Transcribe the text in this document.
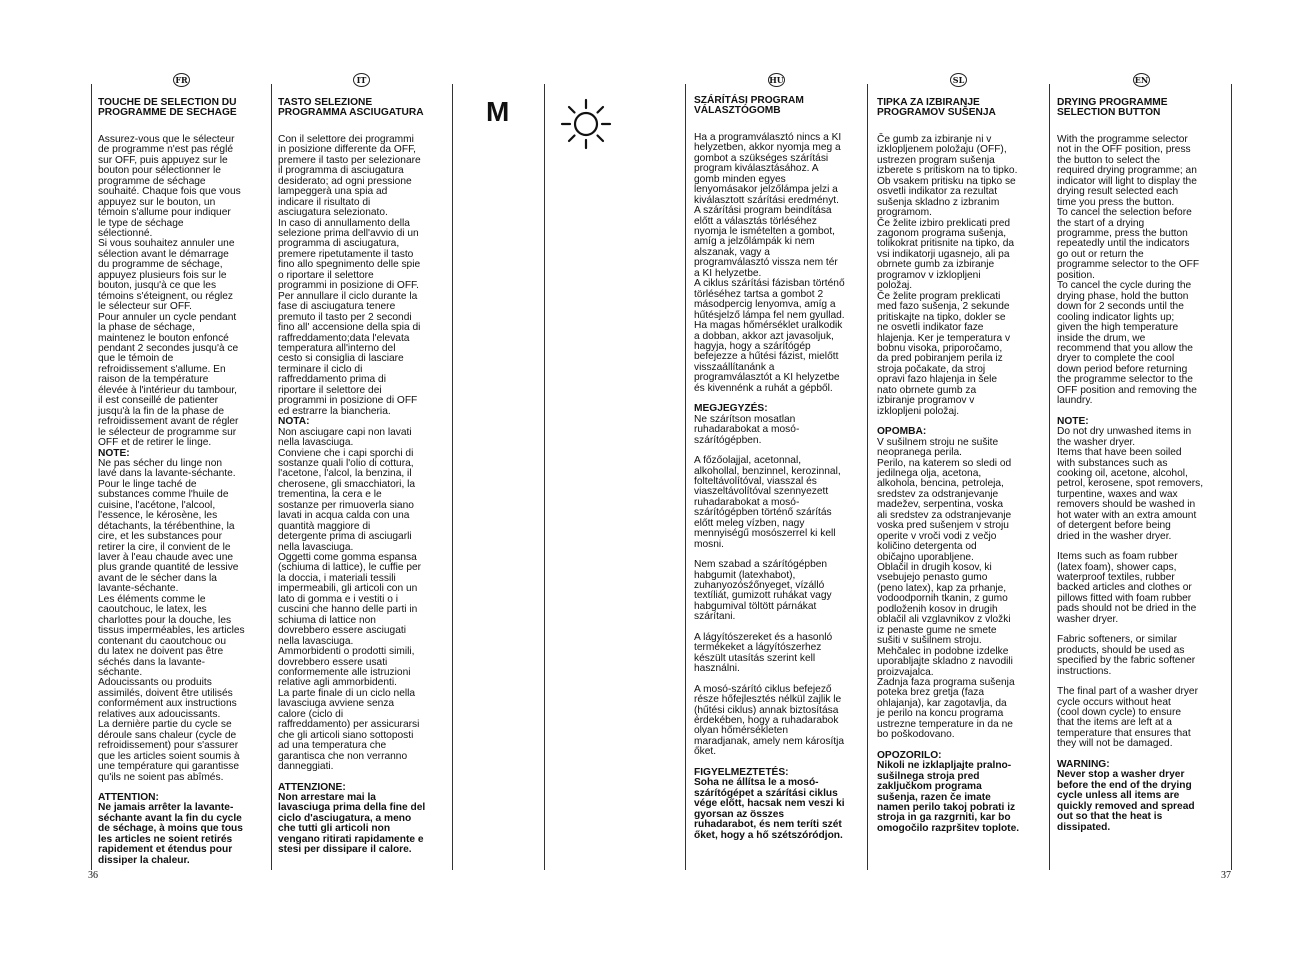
FR	IT	HU	SL	EN
M

TOUCHE DE SELECTION DU
PROGRAMME DE SECHAGE

Assurez-vous que le sélecteur
de programme n'est pas réglé
sur OFF, puis appuyez sur le
bouton pour sélectionner le
programme de séchage
souhaité. Chaque fois que vous
appuyez sur le bouton, un
témoin s'allume pour indiquer
le type de séchage
sélectionné.
Si vous souhaitez annuler une
sélection avant le démarrage
du programme de séchage,
appuyez plusieurs fois sur le
bouton, jusqu'à ce que les
témoins s'éteignent, ou réglez
le sélecteur sur OFF.
Pour annuler un cycle pendant
la phase de séchage,
maintenez le bouton enfoncé
pendant 2 secondes jusqu'à ce
que le témoin de
refroidissement s'allume. En
raison de la température
élevée à l'intérieur du tambour,
il est conseillé de patienter
jusqu'à la fin de la phase de
refroidissement avant de régler
le sélecteur de programme sur
OFF et de retirer le linge.

NOTE:

Ne pas sécher du linge non
lavé dans la lavante-séchante.
Pour le linge taché de
substances comme l'huile de
cuisine, l'acétone, l'alcool,
l'essence, le kérosène, les
détachants, la térébenthine, la
cire, et les substances pour
retirer la cire, il convient de le
laver à l'eau chaude avec une
plus grande quantité de lessive
avant de le sécher dans la
lavante-séchante.
Les éléments comme le
caoutchouc, le latex, les
charlottes pour la douche, les
tissus imperméables, les articles
contenant du caoutchouc ou
du latex ne doivent pas être
séchés dans la lavante-
séchante.
Adoucissants ou produits
assimilés, doivent être utilisés
conformément aux instructions
relatives aux adoucissants.
La dernière partie du cycle se
déroule sans chaleur (cycle de
refroidissement) pour s'assurer
que les articles soient soumis à
une température qui garantisse
qu'ils ne soient pas abîmés.

ATTENTION:

Ne jamais arrêter la lavante-
séchante avant la fin du cycle
de séchage, à moins que tous
les articles ne soient retirés
rapidement et étendus pour
dissiper la chaleur.

TASTO SELEZIONE
PROGRAMMA ASCIUGATURA

Con il selettore dei programmi
in posizione differente da OFF,
premere il tasto per selezionare
il programma di asciugatura
desiderato; ad ogni pressione
lampeggerà una spia ad
indicare il risultato di
asciugatura selezionato.
In caso di annullamento della
selezione prima dell'avvio di un
programma di asciugatura,
premere ripetutamente il tasto
fino allo spegnimento delle spie
o riportare il selettore
programmi in posizione di OFF.
Per annullare il ciclo durante la
fase di asciugatura tenere
premuto il tasto per 2 secondi
fino all' accensione della spia di
raffreddamento;data l'elevata
temperatura all'interno del
cesto si consiglia di lasciare
terminare il ciclo di
raffreddamento prima di
riportare il selettore dei
programmi in posizione di OFF
ed estrarre la biancheria.

NOTA:

Non asciugare capi non lavati
nella lavasciuga.
Conviene che i capi sporchi di
sostanze quali l'olio di cottura,
l'acetone, l'alcol, la benzina, il
cherosene, gli smacchiatori, la
trementina, la cera e le
sostanze per rimuoverla siano
lavati in acqua calda con una
quantità maggiore di
detergente prima di asciugarli
nella lavasciuga.
Oggetti come gomma espansa
(schiuma di lattice), le cuffie per
la doccia, i materiali tessili
impermeabili, gli articoli con un
lato di gomma e i vestiti o i
cuscini che hanno delle parti in
schiuma di lattice non
dovrebbero essere asciugati
nella lavasciuga.
Ammorbidenti o prodotti simili,
dovrebbero essere usati
conformemente alle istruzioni
relative agli ammorbidenti.
La parte finale di un ciclo nella
lavasciuga avviene senza
calore (ciclo di
raffreddamento) per assicurarsi
che gli articoli siano sottoposti
ad una temperatura che
garantisca che non verranno
danneggiati.

ATTENZIONE:

Non arrestare mai la
lavasciuga prima della fine del
ciclo d'asciugatura, a meno
che tutti gli articoli non
vengano ritirati rapidamente e
stesi per dissipare il calore.

SZÁRÍTÁSI PROGRAM
VÁLASZTÓGOMB

Ha a programválasztó nincs a KI
helyzetben, akkor nyomja meg a
gombot a szükséges szárítási
program kiválasztásához. A
gomb minden egyes
lenyomásakor jelzőlámpa jelzi a
kiválasztott szárítási eredményt.
A szárítási program beindítása
előtt a választás törléséhez
nyomja le ismételten a gombot,
amíg a jelzőlámpák ki nem
alszanak, vagy a
programválasztó vissza nem tér
a KI helyzetbe.
A ciklus szárítási fázisban történő
törléséhez tartsa a gombot 2
másodpercig lenyomva, amíg a
hűtésjelző lámpa fel nem gyullad.
Ha magas hőmérséklet uralkodik
a dobban, akkor azt javasoljuk,
hagyja, hogy a szárítógép
befejezze a hűtési fázist, mielőtt
visszaállítanánk a
programválasztót a KI helyzetbe
és kivennénk a ruhát a gépből.

MEGJEGYZÉS:

Ne szárítson mosatlan
ruhadarabokat a mosó-
szárítógépben.

A főzőolajjal, acetonnal,
alkohollal, benzinnel, kerozinnal,
folteltávolítóval, viasszal és
viaszeltávolítóval szennyezett
ruhadarabokat a mosó-
szárítógépben történő szárítás
előtt meleg vízben, nagy
mennyiségű mosószerrel ki kell
mosni.

Nem szabad a szárítógépben
habgumit (latexhabot),
zuhanyozósźőnyeget, vízálló
textíliát, gumizott ruhákat vagy
habgumival töltött párnákat
szárítani.

A lágyítószereket és a hasonló
termékeket a lágyítószerhez
készült utasítás szerint kell
használni.

A mosó-szárító ciklus befejező
része hőfejlesztés nélkül zajlik le
(hűtési ciklus) annak biztosítása
érdekében, hogy a ruhadarabok
olyan hőmérsékleten
maradjanak, amely nem károsítja
őket.

FIGYELMEZTETÉS:

Soha ne állítsa le a mosó-
szárítógépet a szárítási ciklus
vége előtt, hacsak nem veszi ki
gyorsan az összes
ruhadarabot, és nem teríti szét
őket, hogy a hő szétszóródjon.

TIPKA ZA IZBIRANJE
PROGRAMOV SUŠENJA

Če gumb za izbiranje ni v
izklopljenem položaju (OFF),
ustrezen program sušenja
izberete s pritiskom na to tipko.
Ob vsakem pritisku na tipko se
osvetli indikator za rezultat
sušenja skladno z izbranim
programom.
Če želite izbiro preklicati pred
zagonom programa sušenja,
tolikokrat pritisnite na tipko, da
vsi indikatorji ugasnejo, ali pa
obrnete gumb za izbiranje
programov v izklopljeni
položaj.
Če želite program preklicati
med fazo sušenja, 2 sekunde
pritiskajte na tipko, dokler se
ne osvetli indikator faze
hlajenja. Ker je temperatura v
bobnu visoka, priporočamo,
da pred pobiranjem perila iz
stroja počakate, da stroj
opravi fazo hlajenja in šele
nato obrnete gumb za
izbiranje programov v
izklopljeni položaj.

OPOMBA:

V sušilnem stroju ne sušite
neopranega perila.
Perilo, na katerem so sledi od
jedilnega olja, acetona,
alkohola, bencina, petroleja,
sredstev za odstranjevanje
madežev, serpentina, voska
ali sredstev za odstranjevanje
voska pred sušenjem v stroju
operite v vroči vodi z večjo
količino detergenta od
običajno uporabljene.
Oblačil in drugih kosov, ki
vsebujejo penasto gumo
(peno latex), kap za prhanje,
vodoodpornih tkanin, z gumo
podloženih kosov in drugih
oblačil ali vzglavnikov z vložki
iz penaste gume ne smete
sušiti v sušilnem stroju.
Mehčalec in podobne izdelke
uporabljajte skladno z navodili
proizvajalca.
Zadnja faza programa sušenja
poteka brez gretja (faza
ohlajanja), kar zagotavlja, da
je perilo na koncu programa
ustrezne temperature in da ne
bo poškodovano.

OPOZORILO:

Nikoli ne izklapljajte pralno-
sušilnega stroja pred
zaključkom programa
sušenja, razen če imate
namen perilo takoj pobrati iz
stroja in ga razgrniti, kar bo
omogočilo razpršitev toplote.

DRYING PROGRAMME
SELECTION BUTTON

With the programme selector
not in the OFF position, press
the button to select the
required drying programme; an
indicator will light to display the
drying result selected each
time you press the button.
To cancel the selection before
the start of a drying
programme, press the button
repeatedly until the indicators
go out or return the
programme selector to the OFF
position.
To cancel the cycle during the
drying phase, hold the button
down for 2 seconds until the
cooling indicator lights up;
given the high temperature
inside the drum, we
recommend that you allow the
dryer to complete the cool
down period before returning
the programme selector to the
OFF position and removing the
laundry.

NOTE:

Do not dry unwashed items in
the washer dryer.
Items that have been soiled
with substances such as
cooking oil, acetone, alcohol,
petrol, kerosene, spot removers,
turpentine, waxes and wax
removers should be washed in
hot water with an extra amount
of detergent before being
dried in the washer dryer.

Items such as foam rubber
(latex foam), shower caps,
waterproof textiles, rubber
backed articles and clothes or
pillows fitted with foam rubber
pads should not be dried in the
washer dryer.

Fabric softeners, or similar
products, should be used as
specified by the fabric softener
instructions.

The final part of a washer dryer
cycle occurs without heat
(cool down cycle) to ensure
that the items are left at a
temperature that ensures that
they will not be damaged.

WARNING:

Never stop a washer dryer
before the end of the drying
cycle unless all items are
quickly removed and spread
out so that the heat is
dissipated.

36	37
